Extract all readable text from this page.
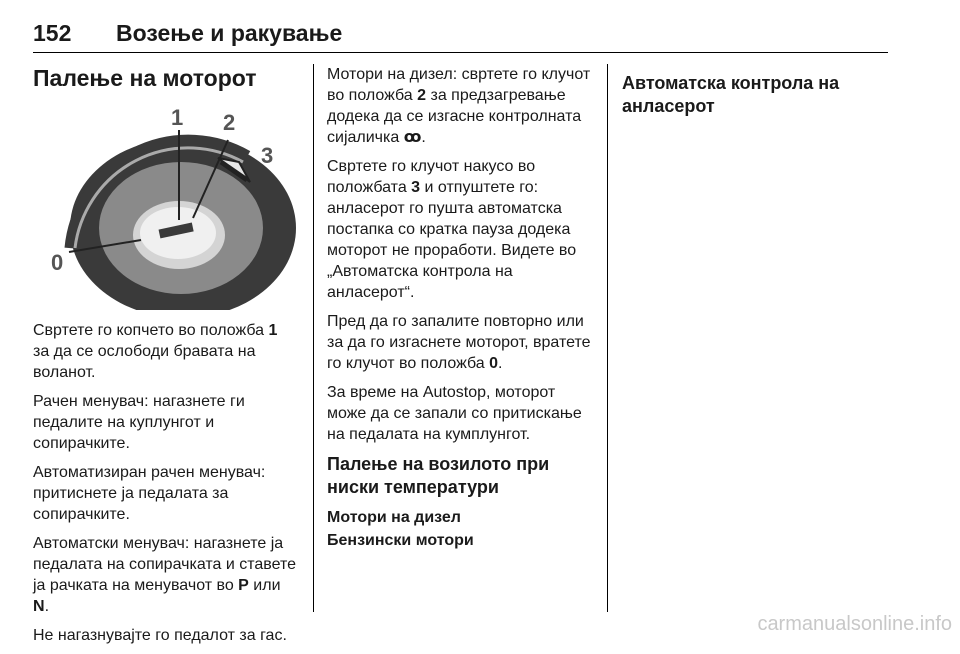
152 Возење и ракување
Палење на моторот
0
1 2
3

Свртете го копчето во положба 1 за да се ослободи бравата на воланот.

Рачен менувач: нагазнете ги педалите на куплунгот и сопирачките.

Автоматизиран рачен менувач: притиснете ја педалата за сопирачките.

Автоматски менувач: нагазнете ја педалата на сопирачката и ставете ја рачката на менувачот во P или N.

Не нагазнувајте го педалот за гас.

Мотори на дизел: свртете го клучот во положба 2 за предзагревање додека да се изгасне контролната сијаличка ꝏ.

Свртете го клучот накусо во положбата 3 и отпуштете го: анласерот го пушта автоматска постапка со кратка пауза додека моторот не проработи. Видете во „Автоматска контрола на анласерот“.

Пред да го запалите повторно или за да го изгаснете моторот, вратете го клучот во положба 0.

За време на Autostop, моторот може да се запали со притискање на педалата на кумплунгот.

Палење на возилото при ниски температури
Мотори на дизел
Бензински мотори
Автоматска контрола на анласерот
carmanualsonline.info
